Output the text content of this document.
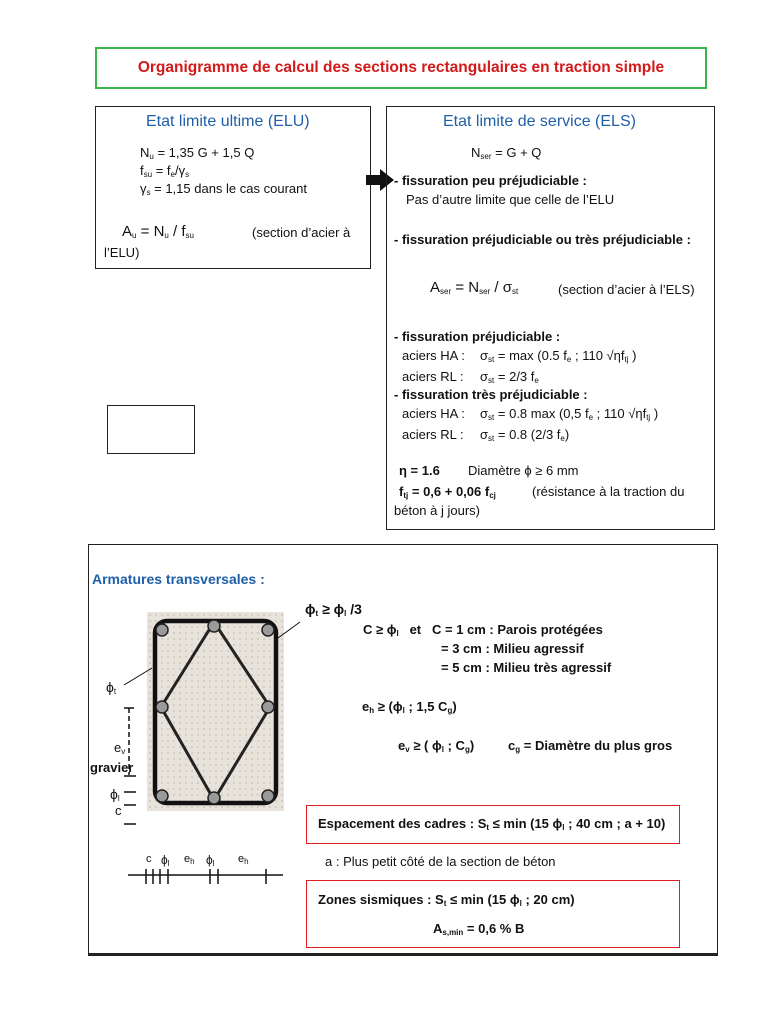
Organigramme de calcul des sections rectangulaires en traction simple
Etat limite ultime (ELU)
$N_u = 1,35$ G + 1,5 Q
$f_{su} = f_e/\gamma_s$
$\gamma_s = 1,15$ dans le cas courant
$A_u = N_u / f_{su}$	(section d’acier à
l’ELU)
Etat limite de service (ELS)
$N_{ser} = G + Q$
- fissuration peu préjudiciable :
Pas d’autre limite que celle de l’ELU
- fissuration préjudiciable ou très préjudiciable :
$A_{ser} = N_{ser} / \sigma_{st}$	(section d’acier à l’ELS)
- fissuration préjudiciable :
aciers HA : $\sigma_{st} = \max (0.5$ $f_e$ ; 110 $√\eta f_{tj}$ )
aciers RL : $\sigma_{st} = 2/3$ $f_e$
- fissuration très préjudiciable :
aciers HA : $\sigma_{st} = 0.8$ max (0,5 $f_e$ ; 110 $√\eta f_{tj}$ )
aciers RL : $\sigma_{st} = 0.8$ (2/3 $f_e$)
η = 1.6 Diamètre ϕ ≥ 6 mm
$f_{tj} = 0,6 + 0,06$ $f_{cj}$	(résistance à la traction du
béton à j jours)
Armatures transversales :
$\phi_t \ge \phi_l$ /3
$C \ge \phi_l$ et C = 1 cm : Parois protégées
= 3 cm : Milieu agressif
= 5 cm : Milieu très agressif
$\phi_t$
$e_v$
gravier
$\phi_l$
c
$e_h \ge (\phi_l$ ; 1,5 $C_g$)
$e_v$ ≥ ( $\phi_l$ ; $C_g$)	$c_g$ = Diamètre du plus gros
Espacement des cadres : $S_t \le \min (15$ $\phi_l$ ; 40 cm ; a + 10)
c $\phi_l$ $e_h$ $\phi_l$ $e_h$	a : Plus petit côté de la section de béton
Zones sismiques : $S_t \le \min (15$ $\phi_l$ ; 20 cm)
$A_{s,min} = 0,6$ % B
